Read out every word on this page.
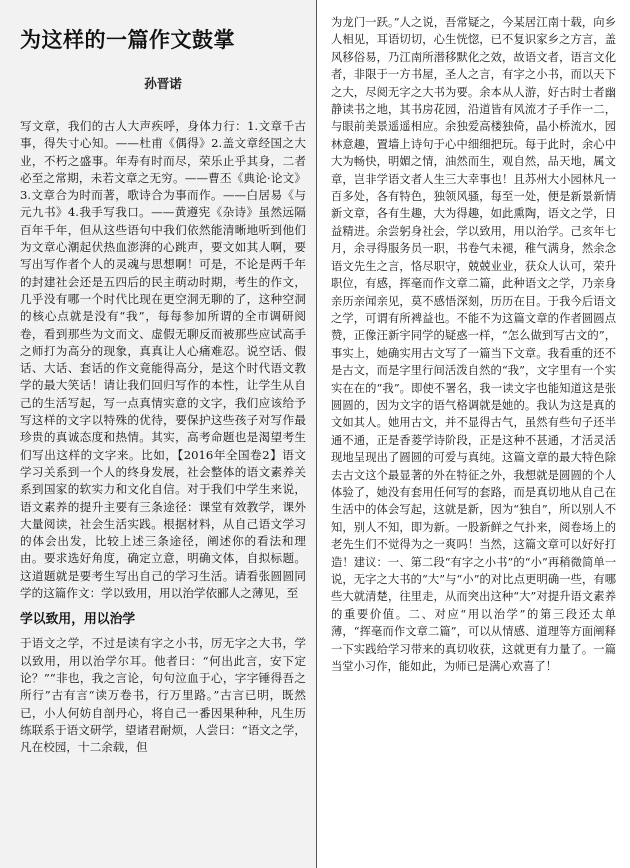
为这样的一篇作文鼓掌
孙晋诺

写文章，我们的古人大声疾呼，身体力行：1.文章千古事，得失寸心知。——杜甫《偶得》2.盖文章经国之大业，不朽之盛事。年寿有时而尽，荣乐止乎其身，二者必至之常期，未若文章之无穷。——曹丕《典论·论文》3.文章合为时而著，歌诗合为事而作。——白居易《与元九书》4.我手写我口。——黄遵宪《杂诗》虽然远隔百年千年，但从这些语句中我们依然能清晰地听到他们为文章心潮起伏热血澎湃的心跳声，要文如其人啊，要写出写作者个人的灵魂与思想啊！可是，不论是两千年的封建社会还是五四后的民主萌动时期，考生的作文，几乎没有哪一个时代比现在更空洞无聊的了，这种空洞的核心点就是没有“我”，每每参加所谓的全市调研阅卷，看到那些为文而文、虚假无聊反而被那些应试高手之师打为高分的现象，真真让人心痛难忍。说空话、假话、大话、套话的作文竟能得高分，是这个时代语文教学的最大笑话！请让我们回归写作的本性，让学生从自己的生活写起，写一点真情实意的文字，我们应该给予写这样的文字以特殊的优待，要保护这些孩子对写作最珍贵的真诚态度和热情。其实，高考命题也是渴望考生们写出这样的文字来。比如，【2016年全国卷2】语文学习关系到一个人的终身发展，社会整体的语文素养关系到国家的软实力和文化自信。对于我们中学生来说，语文素养的提升主要有三条途径：课堂有效教学，课外大量阅读，社会生活实践。根据材料，从自己语文学习的体会出发，比较上述三条途径，阐述你的看法和理由。要求选好角度，确定立意，明确文体，自拟标题。这道题就是要考生写出自己的学习生活。请看张圆圆同学的这篇作文：学以致用，用以治学依郦人之薄见，至

学以致用，用以治学

于语文之学，不过是读有字之小书，厉无字之大书，学以致用，用以治学尔耳。他者曰：“何出此言，安下定论？”“非也，我之言论，句句泣血于心，字字锤得吾之所行”古有言“读万卷书，行万里路。”古言已明，既然已，小人何妨自剖丹心，将自己一番因果种种，凡生历练联系于语文研学，望诸君耐烦，人尝曰：“语文之学，凡在校园，十二余载，但

为龙门一跃。”人之说，吾常疑之，今某居江南十载，向乡人相见，耳语切切，心生恍惚，已不复识家乡之方言，盖风移俗易，乃江南所潜移默化之效，故语文者，语言文化者，非限于一方书屋，圣人之言，有字之小书，而以天下之大，尽阅无字之大书为要。余本从人游，好古时士者幽静读书之地，其书房花园，沿道皆有风流才子手作一二，与眼前美景遥遥相应。余独爱高楼独倚，晶小桥流水，园林意趣，置墙上诗句于心中细细把玩。每于此时，余心中大为畅快，明媚之情，油然而生，观自然，品天地，属文章，岂非学语文者人生三大幸事也！且苏州大小园林凡一百多处，各有特色，独领风骚，每至一处，便是新景新情新文章，各有生趣，大为得趣，如此熏陶，语文之学，日益精进。余尝躬身社会，学以致用，用以治学。己亥年七月，余寻得服务员一职，书卷气未褪，稚气满身，然余念语文先生之言，恪尽职守，兢兢业业，获众人认可，荣升职位，有感，挥毫而作文章二篇，此种语文之学，乃亲身亲历亲闻亲见，莫不感悟深刻，历历在目。于我今后语文之学，可谓有所裨益也。不能不为这篇文章的作者圆圆点赞，正像汪新宇同学的疑惑一样，“怎么做到写古文的”，事实上，她确实用古文写了一篇当下文章。我看重的还不是古文，而是字里行间活泼自然的“我”，文字里有一个实实在在的“我”。即使不署名，我一读文字也能知道这是张圆圆的，因为文字的语气格调就是她的。我认为这是真的文如其人。她用古文，并不显得古气，虽然有些句子还半通不通，正是香菱学诗阶段，正是这种不甚通，才活灵活现地呈现出了圆圆的可爱与真纯。这篇文章的最大特色除去古文这个最显著的外在特征之外，我想就是圆圆的个人体验了，她没有套用任何写的套路，而是真切地从自己在生活中的体会写起，这就是新，因为“独自”，所以别人不知，别人不知，即为新。一股新鲜之气扑来，阅卷场上的老先生们不觉得为之一爽吗！当然，这篇文章可以好好打造！建议：一、第二段“有字之小书”的“小”再稍微简单一说，无字之大书的“大”与“小”的对比点更明确一些，有哪些大就清楚，往里走，从而突出这种“大”对提升语文素养的重要价值。二、对应“用以治学”的第三段还太单薄，“挥毫而作文章二篇”，可以从情感、道理等方面阐释一下实践给学习带来的真切收获，这就更有力量了。一篇当堂小习作，能如此，为师已是满心欢喜了！
